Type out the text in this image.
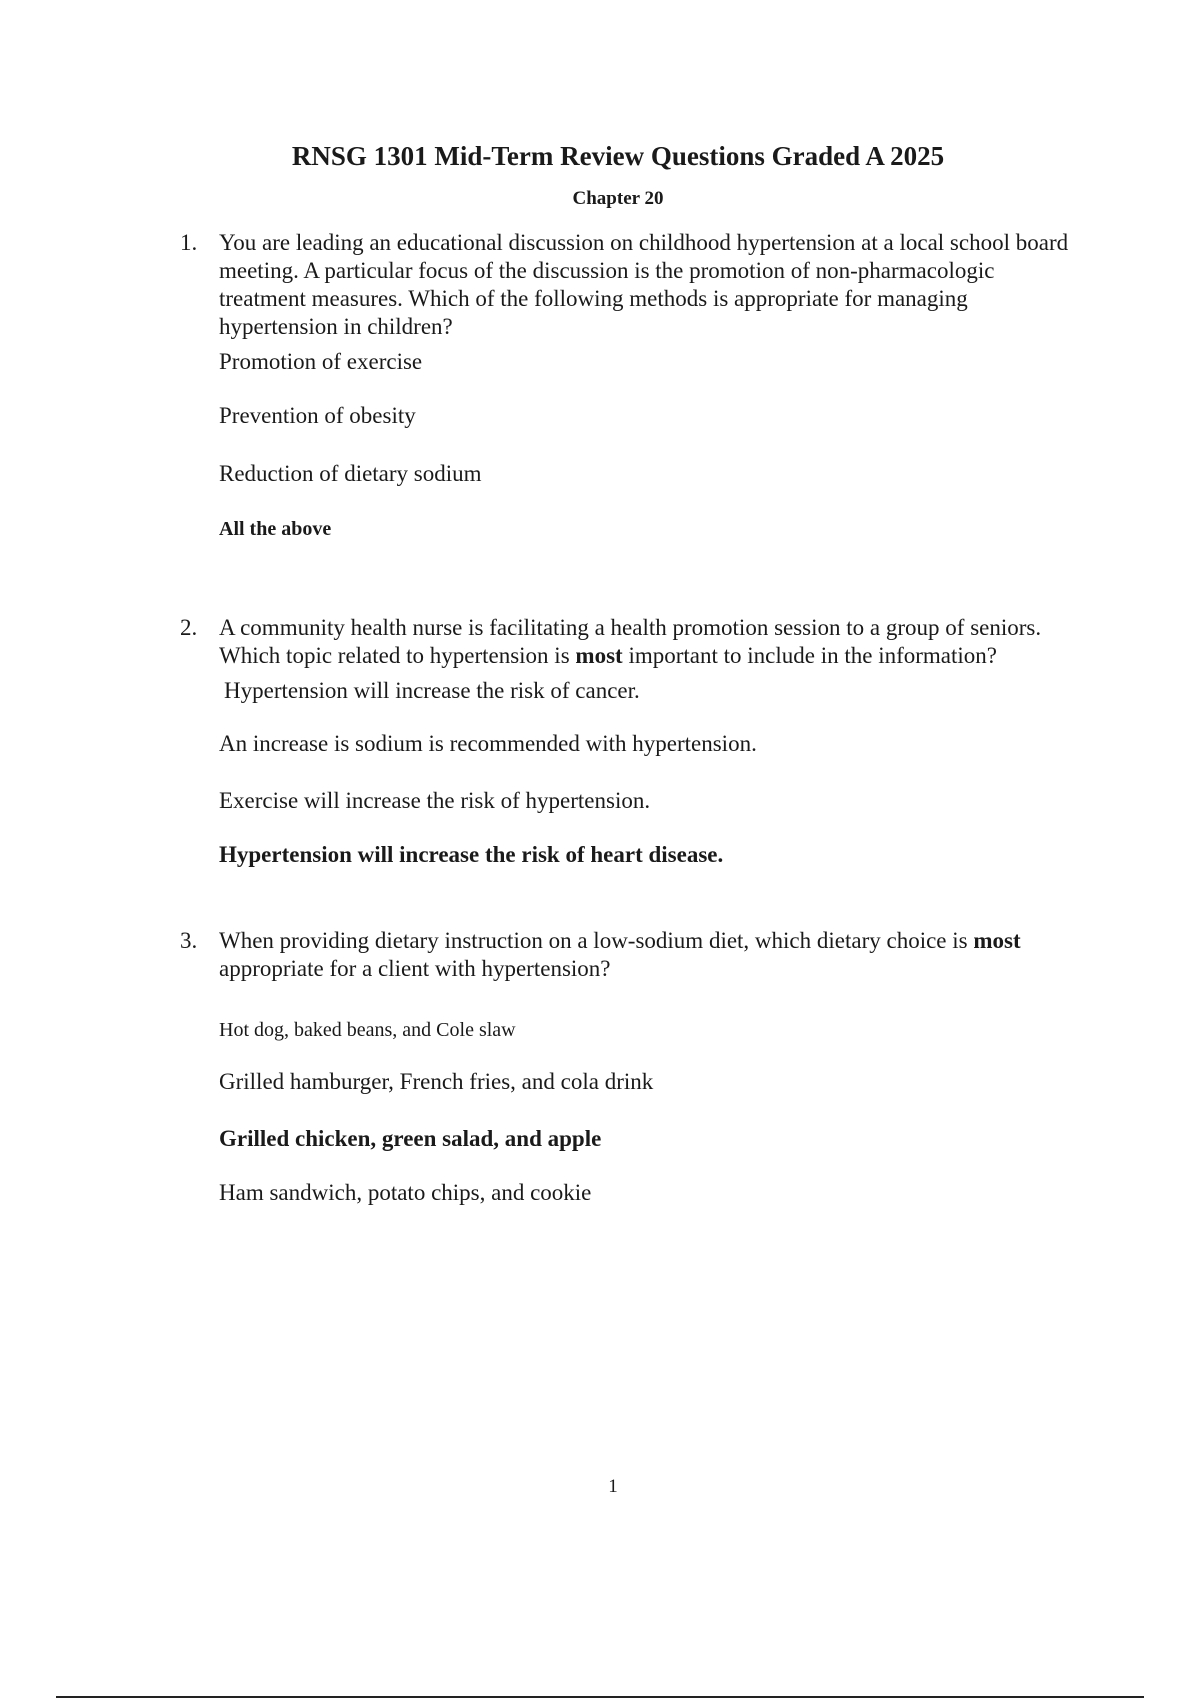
RNSG 1301 Mid-Term Review Questions Graded A 2025
Chapter 20
1. You are leading an educational discussion on childhood hypertension at a local school board meeting. A particular focus of the discussion is the promotion of non-pharmacologic treatment measures. Which of the following methods is appropriate for managing hypertension in children?
Promotion of exercise
Prevention of obesity
Reduction of dietary sodium
All the above
2. A community health nurse is facilitating a health promotion session to a group of seniors. Which topic related to hypertension is most important to include in the information?
Hypertension will increase the risk of cancer.
An increase is sodium is recommended with hypertension.
Exercise will increase the risk of hypertension.
Hypertension will increase the risk of heart disease.
3. When providing dietary instruction on a low-sodium diet, which dietary choice is most appropriate for a client with hypertension?
Hot dog, baked beans, and Cole slaw
Grilled hamburger, French fries, and cola drink
Grilled chicken, green salad, and apple
Ham sandwich, potato chips, and cookie
1
